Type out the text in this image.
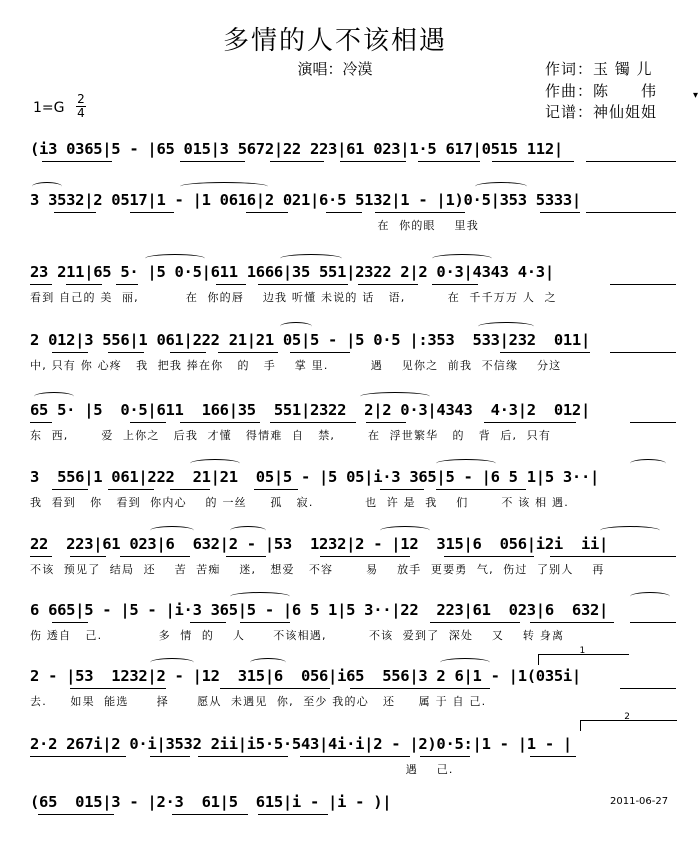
多情的人不该相遇
演唱：冷漠	作词：玉 镯 儿
作曲：陈　　伟
记谱：神仙姐姐
▾
1=G
2
4
(i3 0365|5 - |65 015|3 5672|22 223|61 023|1·5 617|0515 112|
3 3532|2 0517|1 - |1 0616|2 021|6·5 5132|1 - |1)0·5|353 5333|
在  你的眼    里我
23 211|65 5· |5 0·5|611 1666|35 551|2322 2|2 0·3|4343 4·3|
看到 自己的 美  丽,          在  你的唇    边我 听懂 未说的 话   语,         在  千千万万 人  之
2 012|3 556|1 061|222 21|21 05|5 - |5 0·5 |:353  533|232  011|
中, 只有 你 心疼   我  把我 捧在你   的   手    掌 里.         遇    见你之  前我  不信缘    分这
65 5· |5  0·5|611  166|35  551|2322  2|2 0·3|4343  4·3|2  012|
东  西,       爱  上你之   后我  才懂   得情难  自   禁,       在  浮世繁华   的   背  后,  只有
3  556|1 061|222  21|21  05|5 - |5 05|i·3 365|5 - |6 5 1|5 3··|
我  看到   你   看到  你内心    的 一丝     孤   寂.           也  许 是  我    们       不 该 相 遇.
22  223|61 023|6  632|2 - |53  1232|2 - |12  315|6  056|i2i  ii|
不该  预见了  结局  还    苦  苦痴    迷,   想爱   不容       易    放手  更要勇  气,  伤过  了别人    再
6 665|5 - |5 - |i·3 365|5 - |6 5 1|5 3··|22  223|61  023|6  632|
伤 透自   己.            多  情  的    人      不该相遇,         不该  爱到了  深处    又    转 身离
2 - |53  1232|2 - |12  315|6  056|i65  556|3 2 6|1 - |1(035i|
去.     如果  能选      择      愿从  未遇见  你,  至少 我的心   还     属 于 自 己.
1
2·2 267i|2 0·i|3532 2ii|i5·5·543|4i·i|2 - |2)0·5:|1 - |1 - |
遇    己.
2
(65  015|3 - |2·3  61|5  615|i - |i - )|	2011-06-27
